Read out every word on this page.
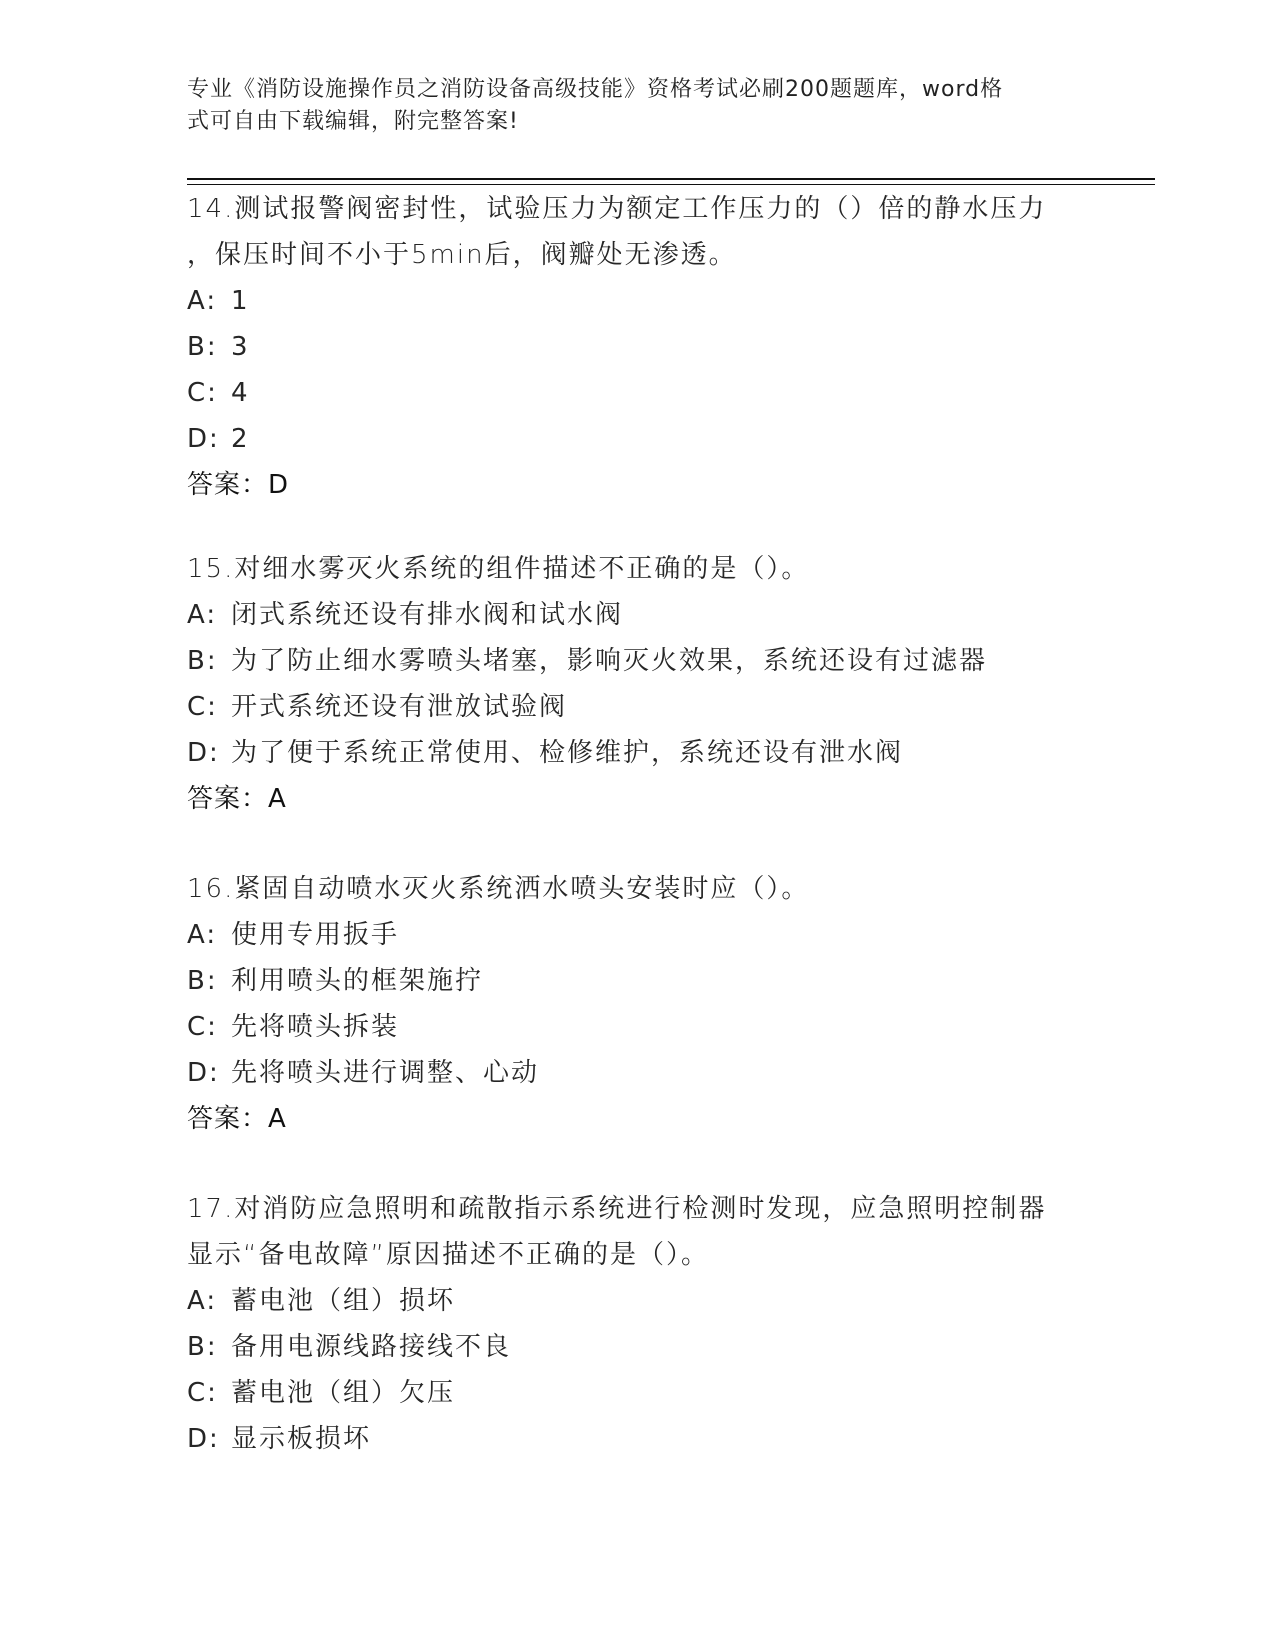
专业《消防设施操作员之消防设备高级技能》资格考试必刷200题题库，word格
式可自由下载编辑，附完整答案!

14.测试报警阀密封性，试验压力为额定工作压力的（）倍的静水压力

，保压时间不小于5min后，阀瓣处无渗透。

A: 1
B: 3
C: 4
D: 2
答案：D

15.对细水雾灭火系统的组件描述不正确的是（）。

A: 闭式系统还设有排水阀和试水阀
B: 为了防止细水雾喷头堵塞，影响灭火效果，系统还设有过滤器
C: 开式系统还设有泄放试验阀
D: 为了便于系统正常使用、检修维护，系统还设有泄水阀
答案：A

16.紧固自动喷水灭火系统洒水喷头安装时应（）。

A: 使用专用扳手
B: 利用喷头的框架施拧
C: 先将喷头拆装
D: 先将喷头进行调整、心动
答案：A

17.对消防应急照明和疏散指示系统进行检测时发现，应急照明控制器

显示“备电故障”原因描述不正确的是（）。

A: 蓄电池（组）损坏
B: 备用电源线路接线不良
C: 蓄电池（组）欠压
D: 显示板损坏
